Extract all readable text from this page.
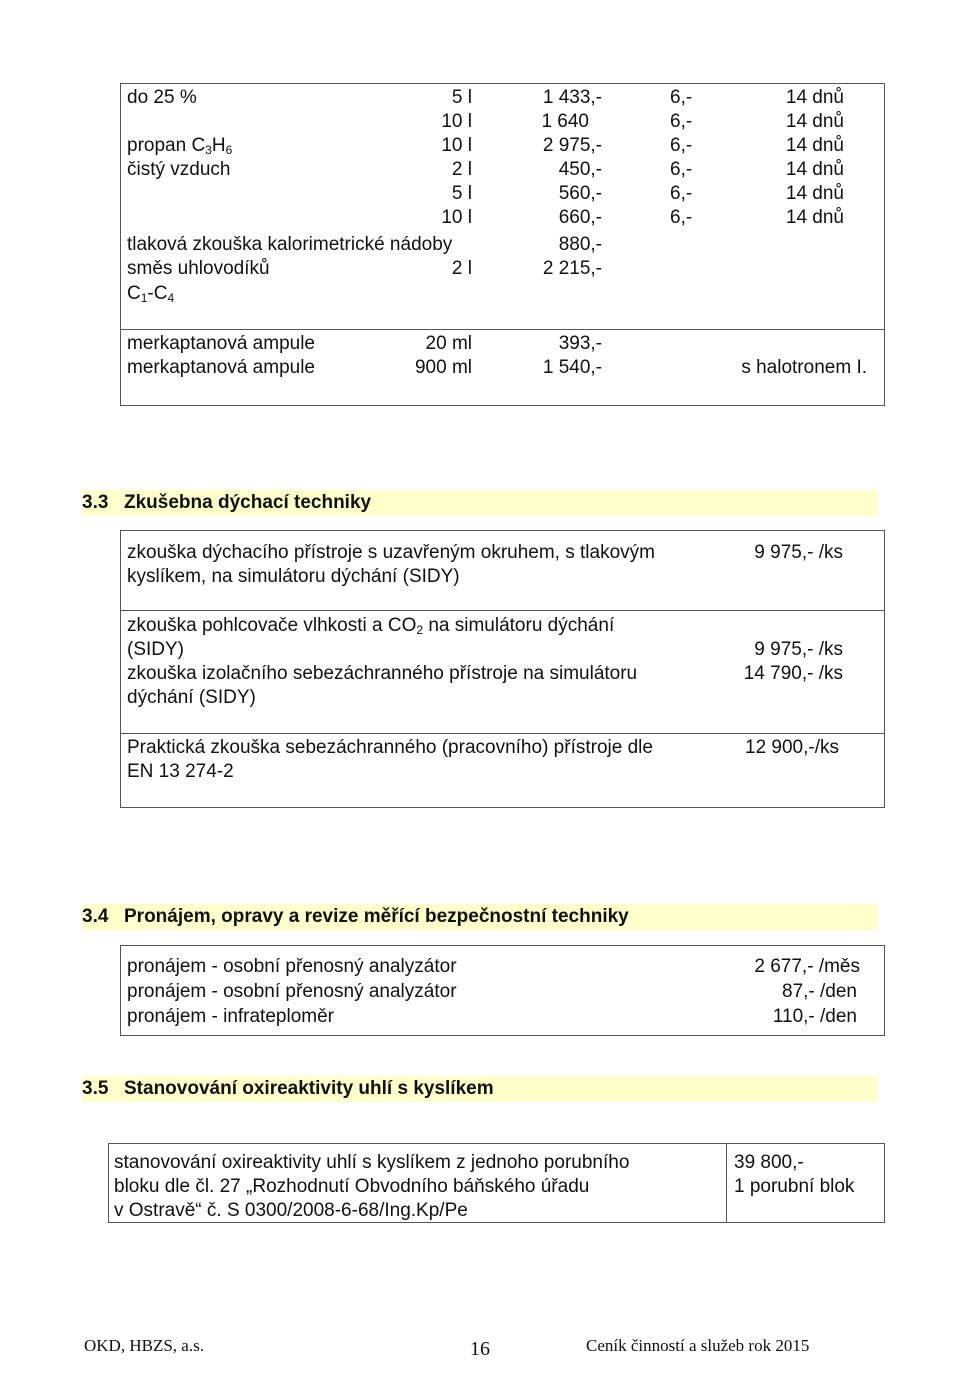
do 25 %	5 l	1 433,-	6,-	14 dnů
10 l	1 640	6,-	14 dnů
propan $C_3H_6$	10 l	2 975,-	6,-	14 dnů
čistý vzduch	2 l	450,-	6,-	14 dnů
5 l	560,-	6,-	14 dnů
10 l	660,-	6,-	14 dnů
tlaková zkouška kalorimetrické nádoby	880,-
směs uhlovodíků	2 l	2 215,-
$C_1-C_4$
merkaptanová ampule	20 ml	393,-
merkaptanová ampule	900 ml	1 540,-	s halotronem I.
3.3 Zkušebna dýchací techniky
zkouška dýchacího přístroje s uzavřeným okruhem, s tlakovým
kyslíkem, na simulátoru dýchání (SIDY)
9 975,- /ks
zkouška pohlcovače vlhkosti a $CO_2$ na simulátoru dýchání
(SIDY)	9 975,- /ks
zkouška izolačního sebezáchranného přístroje na simulátoru
dýchání (SIDY)
14 790,- /ks
Praktická zkouška sebezáchranného (pracovního) přístroje dle
EN 13 274-2
12 900,-/ks
3.4 Pronájem, opravy a revize měřící bezpečnostní techniky
pronájem - osobní přenosný analyzátor	2 677,- /měs
pronájem - osobní přenosný analyzátor	87,- /den
pronájem - infrateploměr	110,- /den
3.5 Stanovování oxireaktivity uhlí s kyslíkem
stanovování oxireaktivity uhlí s kyslíkem z jednoho porubního
bloku dle čl. 27 „Rozhodnutí Obvodního báňského úřadu
v Ostravě“ č. S 0300/2008-6-68/Ing.Kp/Pe
39 800,-
1 porubní blok
OKD, HBZS, a.s.	16	Ceník činností a služeb rok 2015
